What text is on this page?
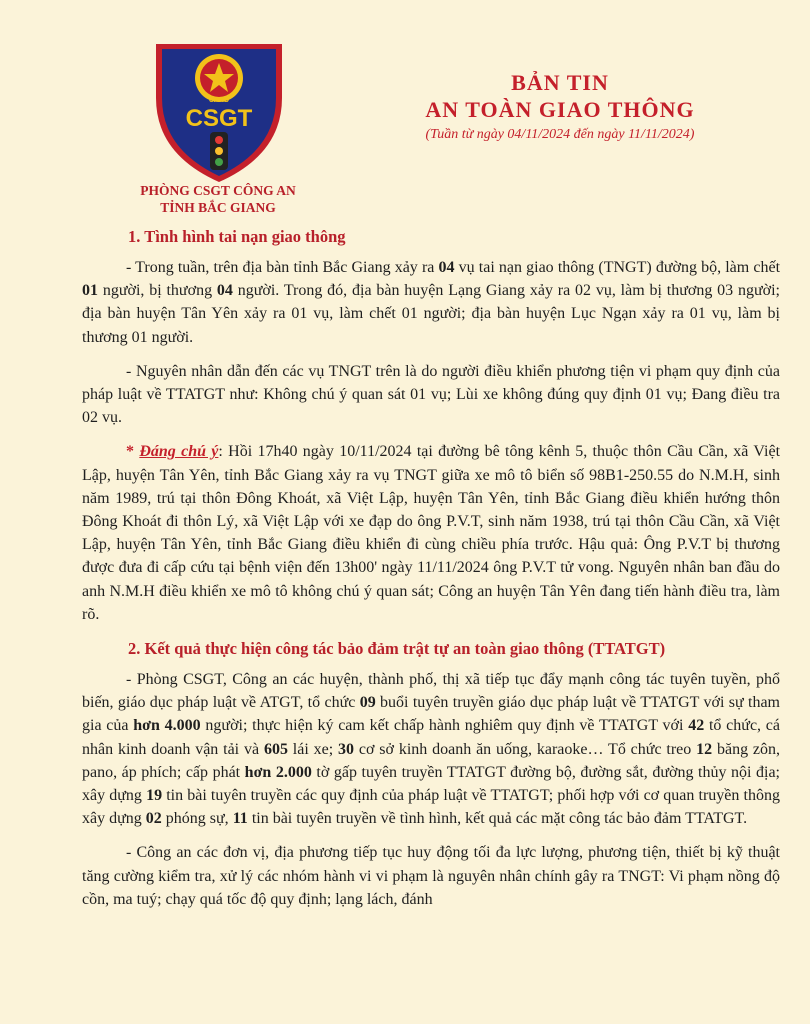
CAND
CSGT
PHÒNG CSGT CÔNG AN
TỈNH BẮC GIANG
BẢN TIN
AN TOÀN GIAO THÔNG
(Tuần từ ngày 04/11/2024 đến ngày 11/11/2024)
1. Tình hình tai nạn giao thông

- Trong tuần, trên địa bàn tỉnh Bắc Giang xảy ra 04 vụ tai nạn giao thông (TNGT) đường bộ, làm chết 01 người, bị thương 04 người. Trong đó, địa bàn huyện Lạng Giang xảy ra 02 vụ, làm bị thương 03 người; địa bàn huyện Tân Yên xảy ra 01 vụ, làm chết 01 người; địa bàn huyện Lục Ngạn xảy ra 01 vụ, làm bị thương 01 người.

- Nguyên nhân dẫn đến các vụ TNGT trên là do người điều khiển phương tiện vi phạm quy định của pháp luật về TTATGT như: Không chú ý quan sát 01 vụ; Lùi xe không đúng quy định 01 vụ; Đang điều tra 02 vụ.

* Đáng chú ý: Hồi 17h40 ngày 10/11/2024 tại đường bê tông kênh 5, thuộc thôn Cầu Cần, xã Việt Lập, huyện Tân Yên, tỉnh Bắc Giang xảy ra vụ TNGT giữa xe mô tô biển số 98B1-250.55 do N.M.H, sinh năm 1989, trú tại thôn Đông Khoát, xã Việt Lập, huyện Tân Yên, tỉnh Bắc Giang điều khiển hướng thôn Đông Khoát đi thôn Lý, xã Việt Lập với xe đạp do ông P.V.T, sinh năm 1938, trú tại thôn Cầu Cần, xã Việt Lập, huyện Tân Yên, tỉnh Bắc Giang điều khiển đi cùng chiều phía trước. Hậu quả: Ông P.V.T bị thương được đưa đi cấp cứu tại bệnh viện đến 13h00' ngày 11/11/2024 ông P.V.T tử vong. Nguyên nhân ban đầu do anh N.M.H điều khiển xe mô tô không chú ý quan sát; Công an huyện Tân Yên đang tiến hành điều tra, làm rõ.

2. Kết quả thực hiện công tác bảo đảm trật tự an toàn giao thông (TTATGT)

- Phòng CSGT, Công an các huyện, thành phố, thị xã tiếp tục đẩy mạnh công tác tuyên tuyền, phổ biến, giáo dục pháp luật về ATGT, tổ chức 09 buổi tuyên truyền giáo dục pháp luật về TTATGT với sự tham gia của hơn 4.000 người; thực hiện ký cam kết chấp hành nghiêm quy định về TTATGT với 42 tổ chức, cá nhân kinh doanh vận tải và 605 lái xe; 30 cơ sở kinh doanh ăn uống, karaoke… Tổ chức treo 12 băng zôn, pano, áp phích; cấp phát hơn 2.000 tờ gấp tuyên truyền TTATGT đường bộ, đường sắt, đường thủy nội địa; xây dựng 19 tin bài tuyên truyền các quy định của pháp luật về TTATGT; phối hợp với cơ quan truyền thông xây dựng 02 phóng sự, 11 tin bài tuyên truyền về tình hình, kết quả các mặt công tác bảo đảm TTATGT.

- Công an các đơn vị, địa phương tiếp tục huy động tối đa lực lượng, phương tiện, thiết bị kỹ thuật tăng cường kiểm tra, xử lý các nhóm hành vi vi phạm là nguyên nhân chính gây ra TNGT: Vi phạm nồng độ cồn, ma tuý; chạy quá tốc độ quy định; lạng lách, đánh
